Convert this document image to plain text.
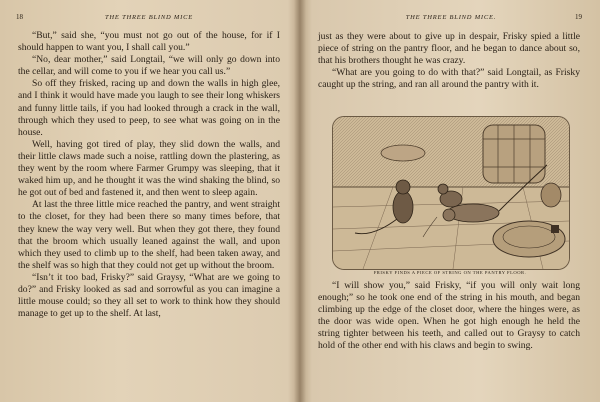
18	THE THREE BLIND MICE

“But,” said she, “you must not go out of the house, for if I should happen to want you, I shall call you.”

“No, dear mother,” said Longtail, “we will only go down into the cellar, and will come to you if we hear you call us.”

So off they frisked, racing up and down the walls in high glee, and I think it would have made you laugh to see their long whiskers and funny little tails, if you had looked through a crack in the wall, through which they used to peep, to see what was going on in the house.

Well, having got tired of play, they slid down the walls, and their little claws made such a noise, rattling down the plastering, as they went by the room where Farmer Grumpy was sleeping, that it waked him up, and he thought it was the wind shaking the blind, so he got out of bed and fastened it, and then went to sleep again.

At last the three little mice reached the pantry, and went straight to the closet, for they had been there so many times before, that they knew the way very well. But when they got there, they found that the broom which usually leaned against the wall, and upon which they used to climb up to the shelf, had been taken away, and the shelf was so high that they could not get up without the broom.

“Isn’t it too bad, Frisky?” said Graysy, “What are we going to do?” and Frisky looked as sad and sorrowful as you can imagine a little mouse could; so they all set to work to think how they should manage to get up to the shelf. At last,

THE THREE BLIND MICE.	19

just as they were about to give up in despair, Frisky spied a little piece of string on the pantry floor, and he began to dance about so, that his brothers thought he was crazy.

“What are you going to do with that?” said Longtail, as Frisky caught up the string, and ran all around the pantry with it.

FRISKY FINDS A PIECE OF STRING ON THE PANTRY FLOOR.

“I will show you,” said Frisky, “if you will only wait long enough;” so he took one end of the string in his mouth, and began climbing up the edge of the closet door, where the hinges were, as the door was wide open. When he got high enough he held the string tighter between his teeth, and called out to Graysy to catch hold of the other end with his claws and begin to swing.
